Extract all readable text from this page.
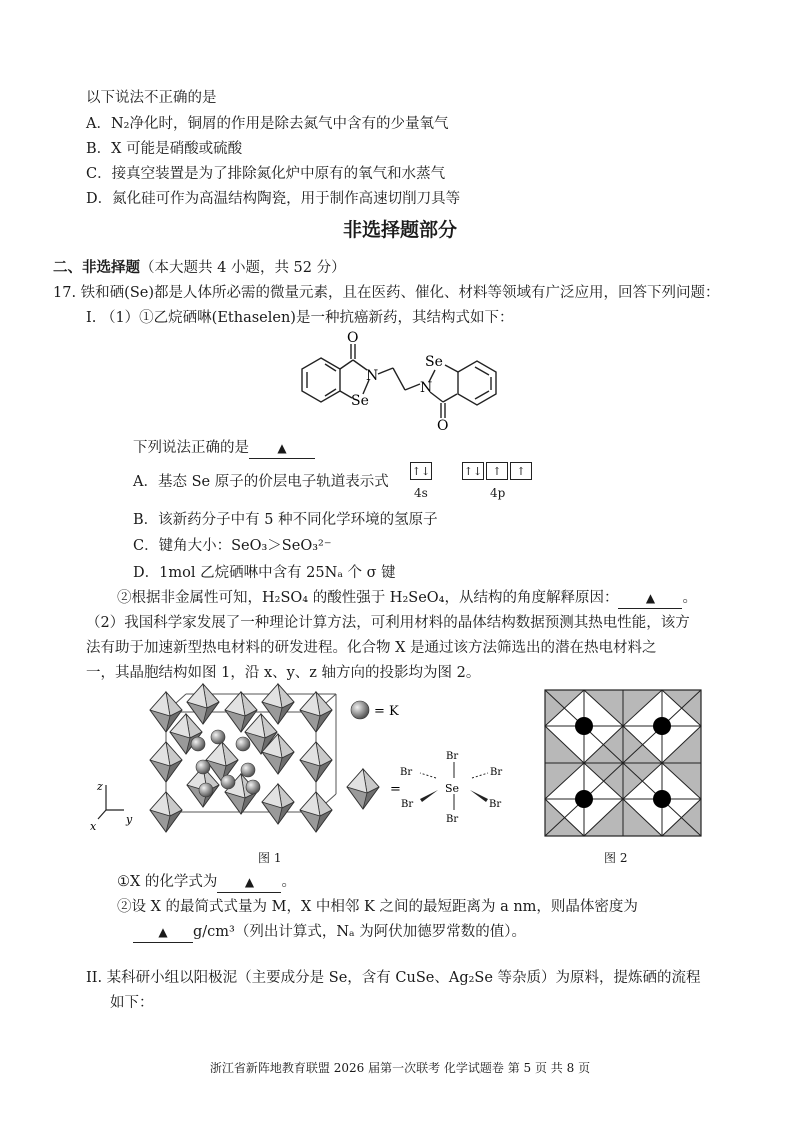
以下说法不正确的是
A．N₂净化时，铜屑的作用是除去氮气中含有的少量氧气
B．X 可能是硝酸或硫酸
C．接真空装置是为了排除氮化炉中原有的氧气和水蒸气
D．氮化硅可作为高温结构陶瓷，用于制作高速切削刀具等
非选择题部分
二、非选择题（本大题共 4 小题，共 52 分）
17. 铁和硒(Se)都是人体所必需的微量元素，且在医药、催化、材料等领域有广泛应用，回答下列问题：
I. （1）①乙烷硒啉(Ethaselen)是一种抗癌新药，其结构式如下：
O
N
Se
Se
N
O
下列说法正确的是 ▲
A．基态 Se 原子的价层电子轨道表示式
↑↓	↑↓ ↑	↑
4s	4p
B．该新药分子中有 5 种不同化学环境的氢原子
C．键角大小：SeO₃＞SeO₃²⁻
D．1mol 乙烷硒啉中含有 25Nₐ 个 σ 键
②根据非金属性可知，H₂SO₄ 的酸性强于 H₂SeO₄，从结构的角度解释原因： ▲ 。
（2）我国科学家发展了一种理论计算方法，可利用材料的晶体结构数据预测其热电性能，该方
法有助于加速新型热电材料的研发进程。化合物 X 是通过该方法筛选出的潜在热电材料之
一，其晶胞结构如图 1，沿 x、y、z 轴方向的投影均为图 2。
z
x
y
= K
=	Se
Br
Br
Br	Br
Br	Br
图 1	图 2
①X 的化学式为 ▲ 。
②设 X 的最简式式量为 M，X 中相邻 K 之间的最短距离为 a nm，则晶体密度为
▲ g/cm³（列出计算式，Nₐ 为阿伏加德罗常数的值）。
II. 某科研小组以阳极泥（主要成分是 Se，含有 CuSe、Ag₂Se 等杂质）为原料，提炼硒的流程
如下：
浙江省新阵地教育联盟 2026 届第一次联考 化学试题卷 第 5 页 共 8 页
